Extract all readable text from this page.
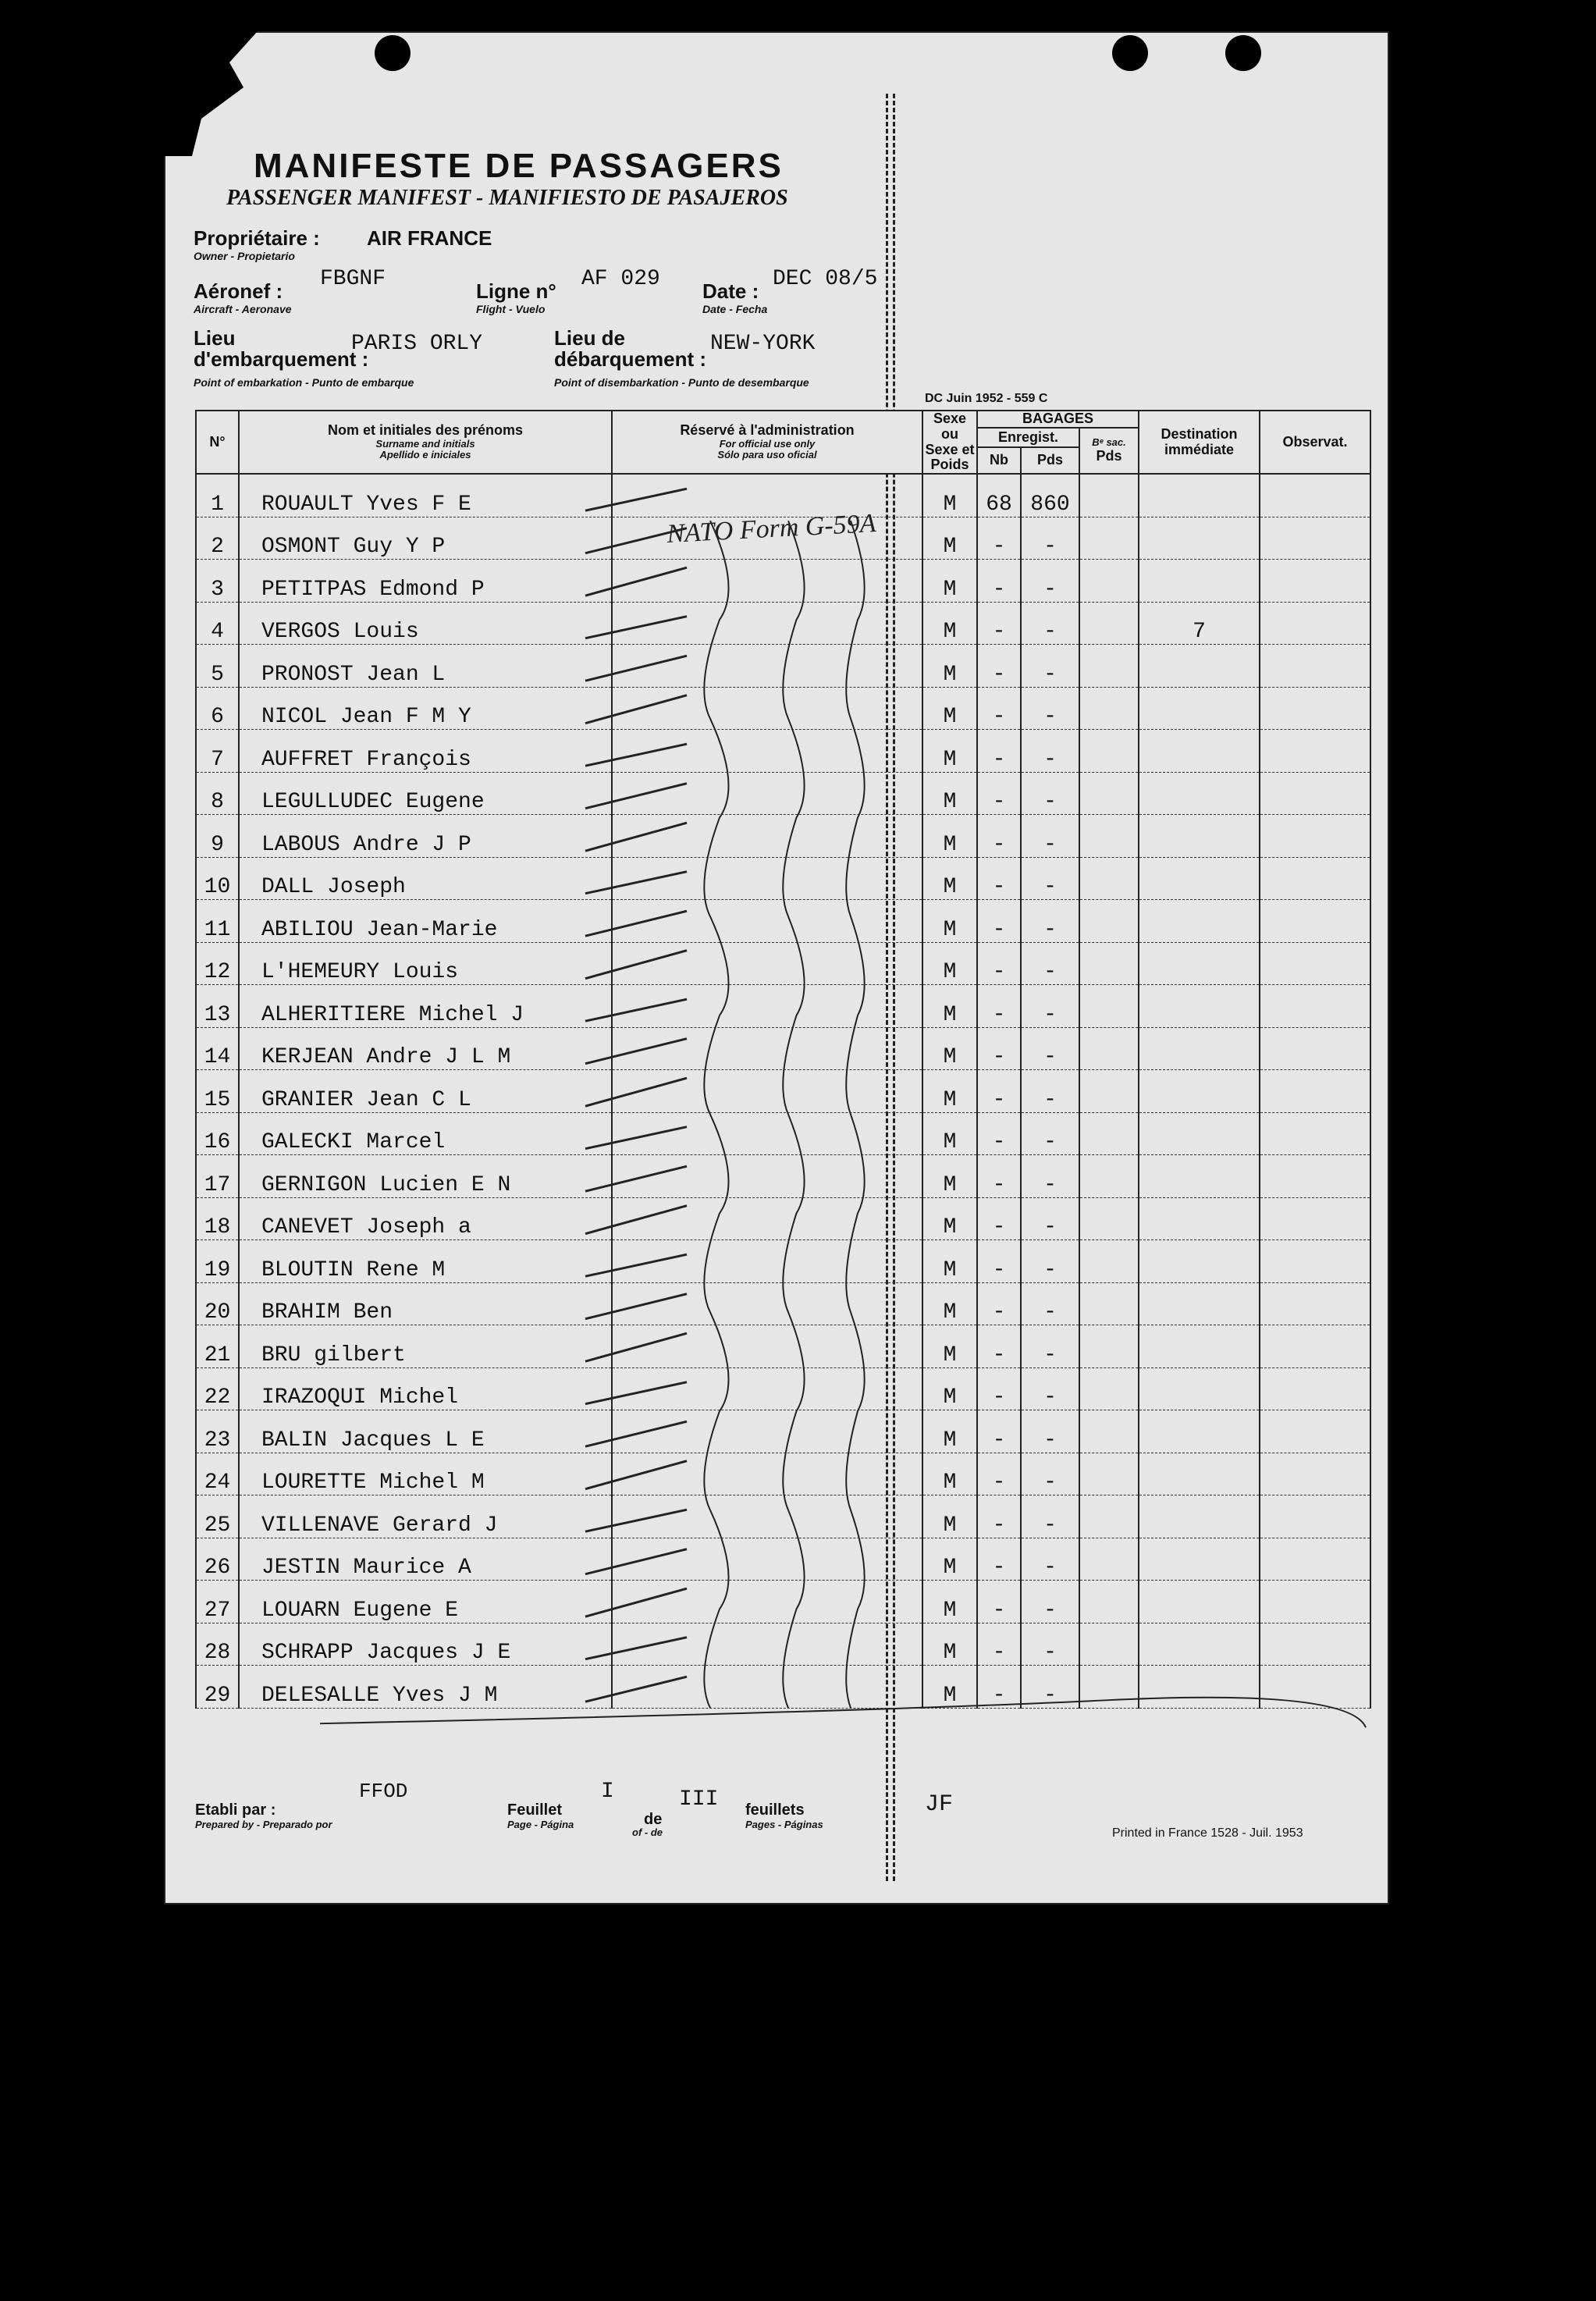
MANIFESTE DE PASSAGERS
PASSENGER MANIFEST - MANIFIESTO DE PASAJEROS
Propriétaire : AIR FRANCE
Owner - Propietario
Aéronef : FBGNF
Aircraft - Aeronave
Ligne n° AF 029
Flight - Vuelo
Date : DEC 08/5
Date - Fecha
Lieu
d'embarquement :
PARIS ORLY
Point of embarkation - Punto de embarque
Lieu de
débarquement :
NEW-YORK
Point of disembarkation - Punto de desembarque
DC Juin 1952 - 559 C
N°	Nom et initiales des prénoms
Surname and initials
Apellido e iniciales	Réservé à l'administration
For official use only
Sólo para uso oficial	Sexe ou Sexe et Poids	BAGAGES			Destination immédiate	Observat.
				Enregist.		Bᵉ sac.
Pds		
				Nb	Pds			
1	ROUAULT Yves F E		M	68	860			
2	OSMONT Guy Y P		M	-	-			
3	PETITPAS Edmond P		M	-	-			
4	VERGOS Louis		M	-	-		7	
5	PRONOST Jean L		M	-	-			
6	NICOL Jean F M Y		M	-	-			
7	AUFFRET François		M	-	-			
8	LEGULLUDEC Eugene		M	-	-			
9	LABOUS Andre J P		M	-	-			
10	DALL Joseph		M	-	-			
11	ABILIOU Jean-Marie		M	-	-			
12	L'HEMEURY Louis		M	-	-			
13	ALHERITIERE Michel J		M	-	-			
14	KERJEAN Andre J L M		M	-	-			
15	GRANIER Jean C L		M	-	-			
16	GALECKI Marcel		M	-	-			
17	GERNIGON Lucien E N		M	-	-			
18	CANEVET Joseph a		M	-	-			
19	BLOUTIN Rene M		M	-	-			
20	BRAHIM Ben		M	-	-			
21	BRU gilbert		M	-	-			
22	IRAZOQUI Michel		M	-	-			
23	BALIN Jacques L E		M	-	-			
24	LOURETTE Michel M		M	-	-			
25	VILLENAVE Gerard J		M	-	-			
26	JESTIN Maurice A		M	-	-			
27	LOUARN Eugene E		M	-	-			
28	SCHRAPP Jacques J E		M	-	-			
29	DELESALLE Yves J M		M	-	-			
NATO Form G-59A
Etabli par :
Prepared by - Preparado por
FFOD
Feuillet
Page - Página
I
de
of - de
III feuillets
Pages - Páginas
JF
Printed in France 1528 - Juil. 1953
